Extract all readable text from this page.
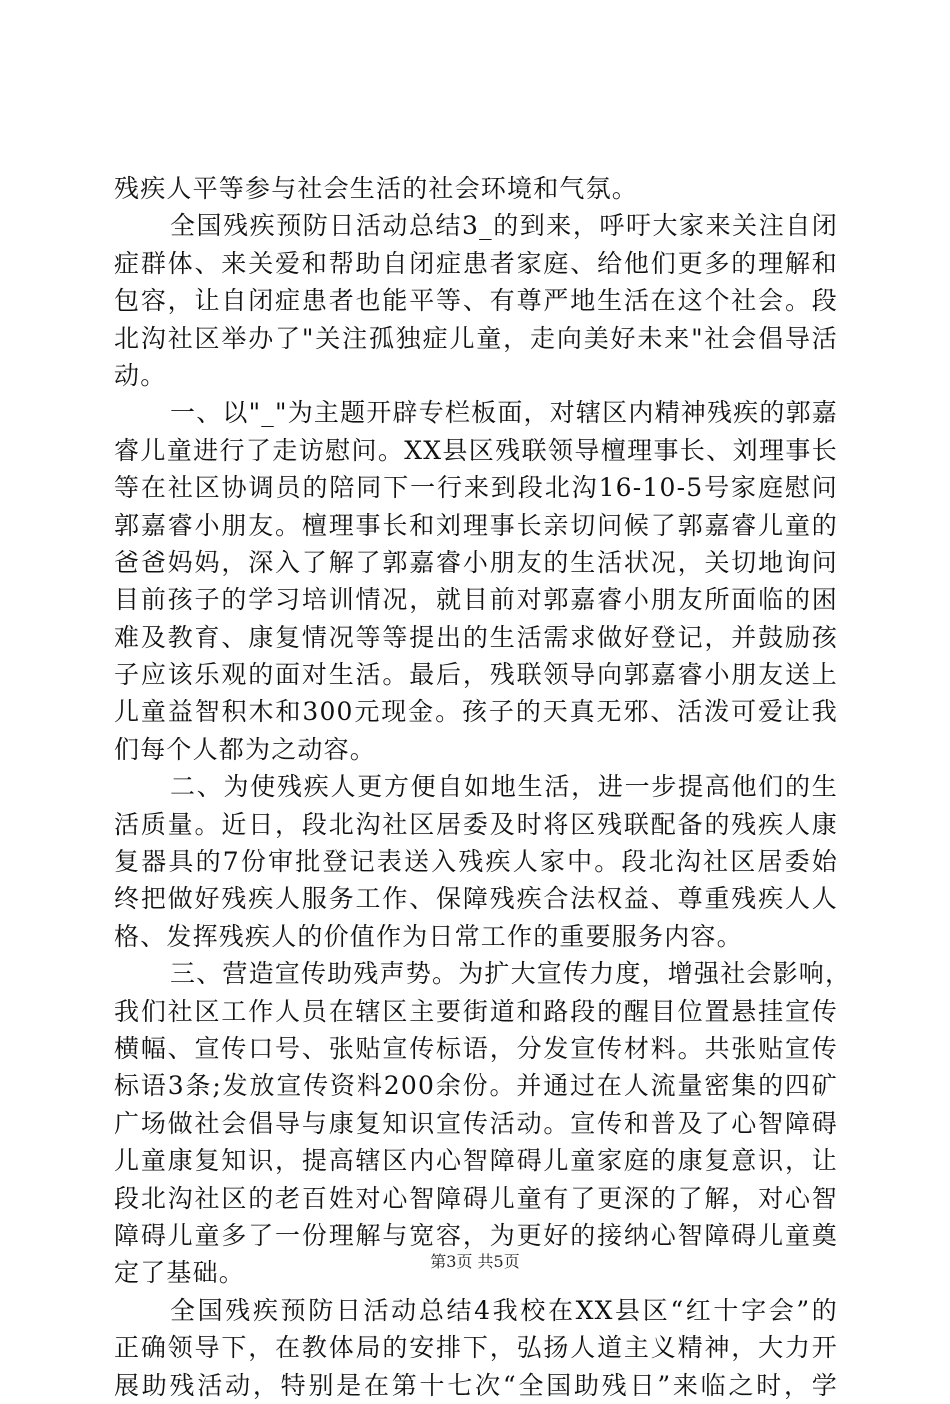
残疾人平等参与社会生活的社会环境和气氛。
全国残疾预防日活动总结3_的到来，呼吁大家来关注自闭
症群体、来关爱和帮助自闭症患者家庭、给他们更多的理解和
包容，让自闭症患者也能平等、有尊严地生活在这个社会。段
北沟社区举办了"关注孤独症儿童，走向美好未来"社会倡导活
动。
一、以"_"为主题开辟专栏板面，对辖区内精神残疾的郭嘉
睿儿童进行了走访慰问。XX县区残联领导檀理事长、刘理事长
等在社区协调员的陪同下一行来到段北沟16-10-5号家庭慰问
郭嘉睿小朋友。檀理事长和刘理事长亲切问候了郭嘉睿儿童的
爸爸妈妈，深入了解了郭嘉睿小朋友的生活状况，关切地询问
目前孩子的学习培训情况，就目前对郭嘉睿小朋友所面临的困
难及教育、康复情况等等提出的生活需求做好登记，并鼓励孩
子应该乐观的面对生活。最后，残联领导向郭嘉睿小朋友送上
儿童益智积木和300元现金。孩子的天真无邪、活泼可爱让我
们每个人都为之动容。
二、为使残疾人更方便自如地生活，进一步提高他们的生
活质量。近日，段北沟社区居委及时将区残联配备的残疾人康
复器具的7份审批登记表送入残疾人家中。段北沟社区居委始
终把做好残疾人服务工作、保障残疾合法权益、尊重残疾人人
格、发挥残疾人的价值作为日常工作的重要服务内容。
三、营造宣传助残声势。为扩大宣传力度，增强社会影响，
我们社区工作人员在辖区主要街道和路段的醒目位置悬挂宣传
横幅、宣传口号、张贴宣传标语，分发宣传材料。共张贴宣传
标语3条;发放宣传资料200余份。并通过在人流量密集的四矿
广场做社会倡导与康复知识宣传活动。宣传和普及了心智障碍
儿童康复知识，提高辖区内心智障碍儿童家庭的康复意识，让
段北沟社区的老百姓对心智障碍儿童有了更深的了解，对心智
障碍儿童多了一份理解与宽容，为更好的接纳心智障碍儿童奠
定了基础。
全国残疾预防日活动总结4我校在XX县区“红十字会”的
正确领导下，在教体局的安排下，弘扬人道主义精神，大力开
展助残活动，特别是在第十七次“全国助残日”来临之时，学
第3页 共5页
